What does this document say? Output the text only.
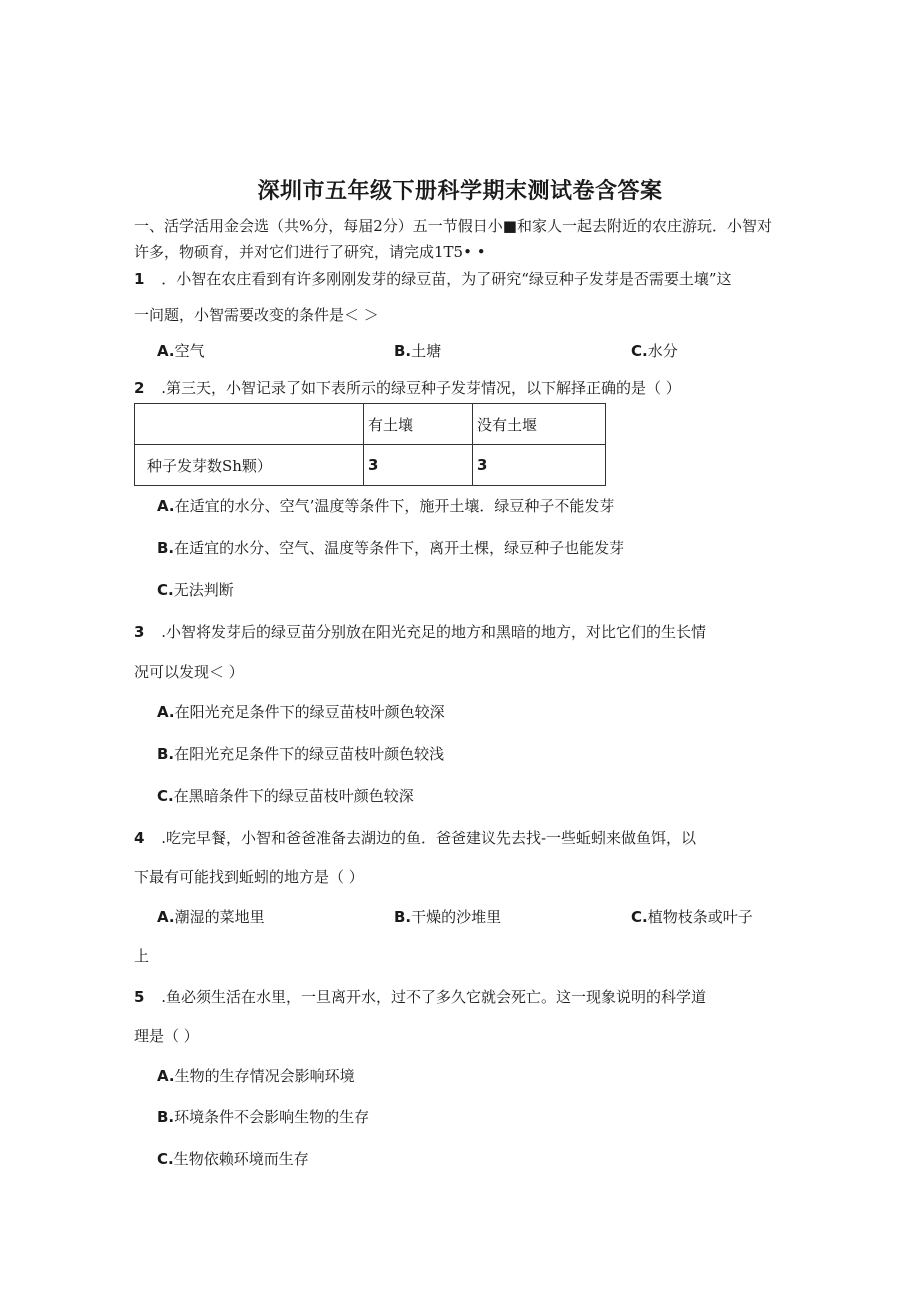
深圳市五年级下册科学期末测试卷含答案
一、活学活用金会选（共%分，每届2分）五一节假日小■和家人一起去附近的农庄游玩．小智对
许多，物硕育，并对它们进行了研究，请完成1T5• •
1 ．小智在农庄看到有许多刚刚发芽的绿豆苗，为了研究“绿豆种子发芽是否需要土壤”这
一问题，小智需要改变的条件是＜ ＞
A.空气	B.土塘	C.水分
2 .第三天，小智记录了如下表所示的绿豆种子发芽情况，以下解择正确的是（ ）
	有土壤	没有土堰
种子发芽数Sh颗）	3	3
A.在适宜的水分、空气’温度等条件下，施开土壤．绿豆种子不能发芽
B.在适宜的水分、空气、温度等条件下，离开土棵，绿豆种子也能发芽
C.无法判断
3 .小智将发芽后的绿豆苗分别放在阳光充足的地方和黑暗的地方，对比它们的生长情
况可以发现＜ ）
A.在阳光充足条件下的绿豆苗枝叶颜色较深
B.在阳光充足条件下的绿豆苗枝叶颜色较浅
C.在黑暗条件下的绿豆苗枝叶颜色较深
4 .吃完早餐，小智和爸爸准备去湖边的鱼．爸爸建议先去找-一些蚯蚓来做鱼饵，以
下最有可能找到蚯蚓的地方是（ ）
A.潮湿的菜地里	B.干燥的沙堆里	C.植物枝条或叶子
上
5 .鱼必须生活在水里，一旦离开水，过不了多久它就会死亡。这一现象说明的科学道
理是（ ）
A.生物的生存情况会影响环境
B.环境条件不会影响生物的生存
C.生物依赖环境而生存
